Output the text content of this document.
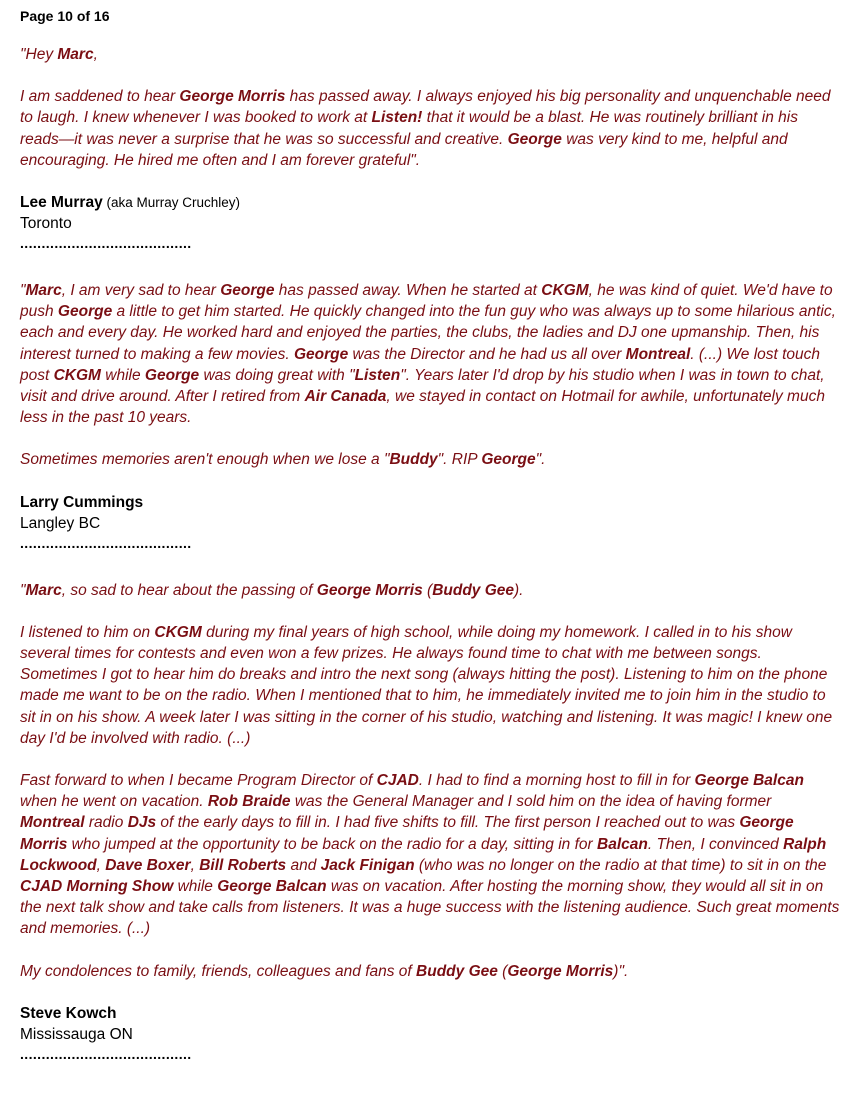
Page 10 of 16

"Hey Marc,

I am saddened to hear George Morris has passed away. I always enjoyed his big personality and unquenchable need to laugh. I knew whenever I was booked to work at Listen! that it would be a blast. He was routinely brilliant in his reads—it was never a surprise that he was so successful and creative. George was very kind to me, helpful and encouraging. He hired me often and I am forever grateful".

Lee Murray (aka Murray Cruchley)

Toronto

........................................

"Marc, I am very sad to hear George has passed away. When he started at CKGM, he was kind of quiet. We'd have to push George a little to get him started. He quickly changed into the fun guy who was always up to some hilarious antic, each and every day. He worked hard and enjoyed the parties, the clubs, the ladies and DJ one upmanship. Then, his interest turned to making a few movies. George was the Director and he had us all over Montreal. (...) We lost touch post CKGM while George was doing great with "Listen". Years later I'd drop by his studio when I was in town to chat, visit and drive around. After I retired from Air Canada, we stayed in contact on Hotmail for awhile, unfortunately much less in the past 10 years.

Sometimes memories aren't enough when we lose a "Buddy". RIP George".

Larry Cummings

Langley BC

........................................

"Marc, so sad to hear about the passing of George Morris (Buddy Gee).

I listened to him on CKGM during my final years of high school, while doing my homework. I called in to his show several times for contests and even won a few prizes. He always found time to chat with me between songs. Sometimes I got to hear him do breaks and intro the next song (always hitting the post). Listening to him on the phone made me want to be on the radio. When I mentioned that to him, he immediately invited me to join him in the studio to sit in on his show. A week later I was sitting in the corner of his studio, watching and listening. It was magic! I knew one day I'd be involved with radio. (...)

Fast forward to when I became Program Director of CJAD. I had to find a morning host to fill in for George Balcan when he went on vacation. Rob Braide was the General Manager and I sold him on the idea of having former Montreal radio DJs of the early days to fill in. I had five shifts to fill. The first person I reached out to was George Morris who jumped at the opportunity to be back on the radio for a day, sitting in for Balcan. Then, I convinced Ralph Lockwood, Dave Boxer, Bill Roberts and Jack Finigan (who was no longer on the radio at that time) to sit in on the CJAD Morning Show while George Balcan was on vacation. After hosting the morning show, they would all sit in on the next talk show and take calls from listeners. It was a huge success with the listening audience. Such great moments and memories. (...)

My condolences to family, friends, colleagues and fans of Buddy Gee (George Morris)".

Steve Kowch

Mississauga ON

........................................
